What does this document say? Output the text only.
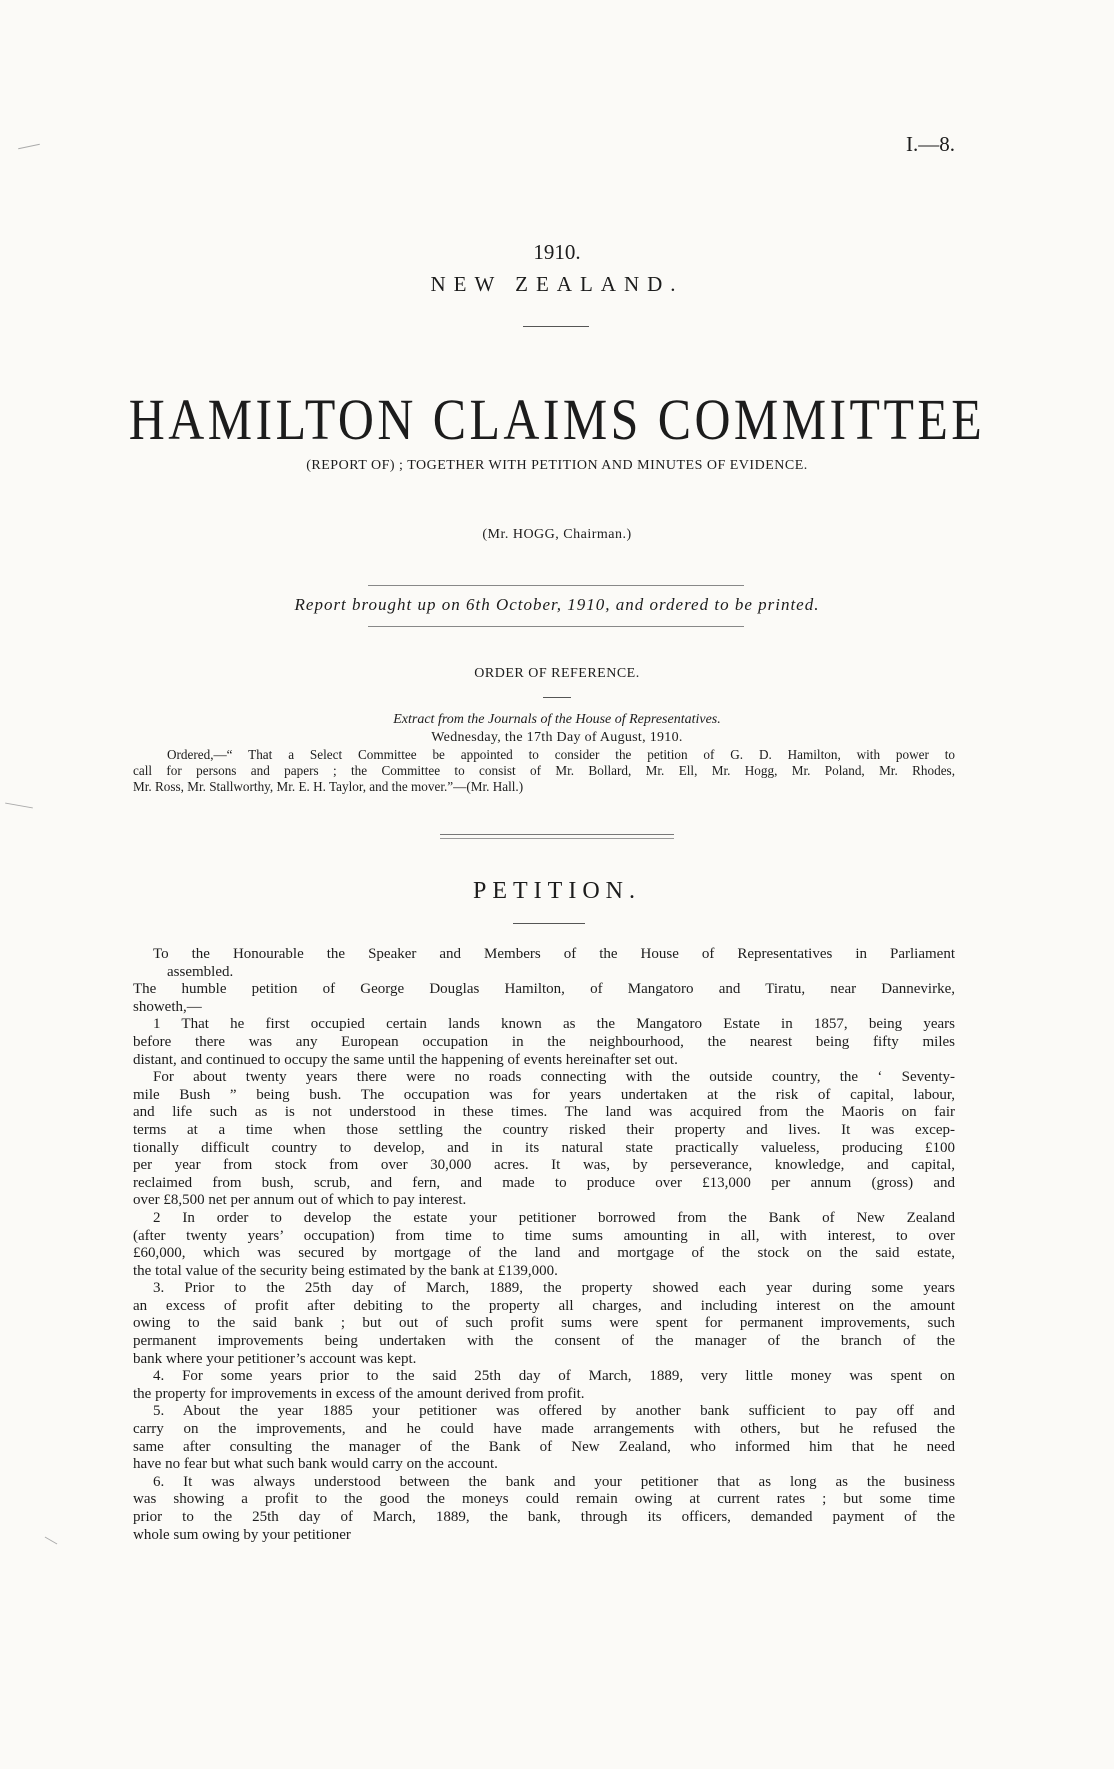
I.—8.
1910.
NEW ZEALAND.
HAMILTON CLAIMS COMMITTEE
(REPORT OF) ; TOGETHER WITH PETITION AND MINUTES OF EVIDENCE.
(Mr. HOGG, Chairman.)
Report brought up on 6th October, 1910, and ordered to be printed.
ORDER OF REFERENCE.
Extract from the Journals of the House of Representatives.
Wednesday, the 17th Day of August, 1910.
Ordered,—“ That a Select Committee be appointed to consider the petition of G. D. Hamilton, with power to
call for persons and papers ; the Committee to consist of Mr. Bollard, Mr. Ell, Mr. Hogg, Mr. Poland, Mr. Rhodes,
Mr. Ross, Mr. Stallworthy, Mr. E. H. Taylor, and the mover.”—(Mr. Hall.)
PETITION.
To the Honourable the Speaker and Members of the House of Representatives in Parliament
assembled.
The humble petition of George Douglas Hamilton, of Mangatoro and Tiratu, near Dannevirke,
showeth,—
1 That he first occupied certain lands known as the Mangatoro Estate in 1857, being years
before there was any European occupation in the neighbourhood, the nearest being fifty miles
distant, and continued to occupy the same until the happening of events hereinafter set out.
For about twenty years there were no roads connecting with the outside country, the ‘ Seventy-
mile Bush ” being bush. The occupation was for years undertaken at the risk of capital, labour,
and life such as is not understood in these times. The land was acquired from the Maoris on fair
terms at a time when those settling the country risked their property and lives. It was excep-
tionally difficult country to develop, and in its natural state practically valueless, producing £100
per year from stock from over 30,000 acres. It was, by perseverance, knowledge, and capital,
reclaimed from bush, scrub, and fern, and made to produce over £13,000 per annum (gross) and
over £8,500 net per annum out of which to pay interest.
2 In order to develop the estate your petitioner borrowed from the Bank of New Zealand
(after twenty years’ occupation) from time to time sums amounting in all, with interest, to over
£60,000, which was secured by mortgage of the land and mortgage of the stock on the said estate,
the total value of the security being estimated by the bank at £139,000.
3. Prior to the 25th day of March, 1889, the property showed each year during some years
an excess of profit after debiting to the property all charges, and including interest on the amount
owing to the said bank ; but out of such profit sums were spent for permanent improvements, such
permanent improvements being undertaken with the consent of the manager of the branch of the
bank where your petitioner’s account was kept.
4. For some years prior to the said 25th day of March, 1889, very little money was spent on
the property for improvements in excess of the amount derived from profit.
5. About the year 1885 your petitioner was offered by another bank sufficient to pay off and
carry on the improvements, and he could have made arrangements with others, but he refused the
same after consulting the manager of the Bank of New Zealand, who informed him that he need
have no fear but what such bank would carry on the account.
6. It was always understood between the bank and your petitioner that as long as the business
was showing a profit to the good the moneys could remain owing at current rates ; but some time
prior to the 25th day of March, 1889, the bank, through its officers, demanded payment of the
whole sum owing by your petitioner
